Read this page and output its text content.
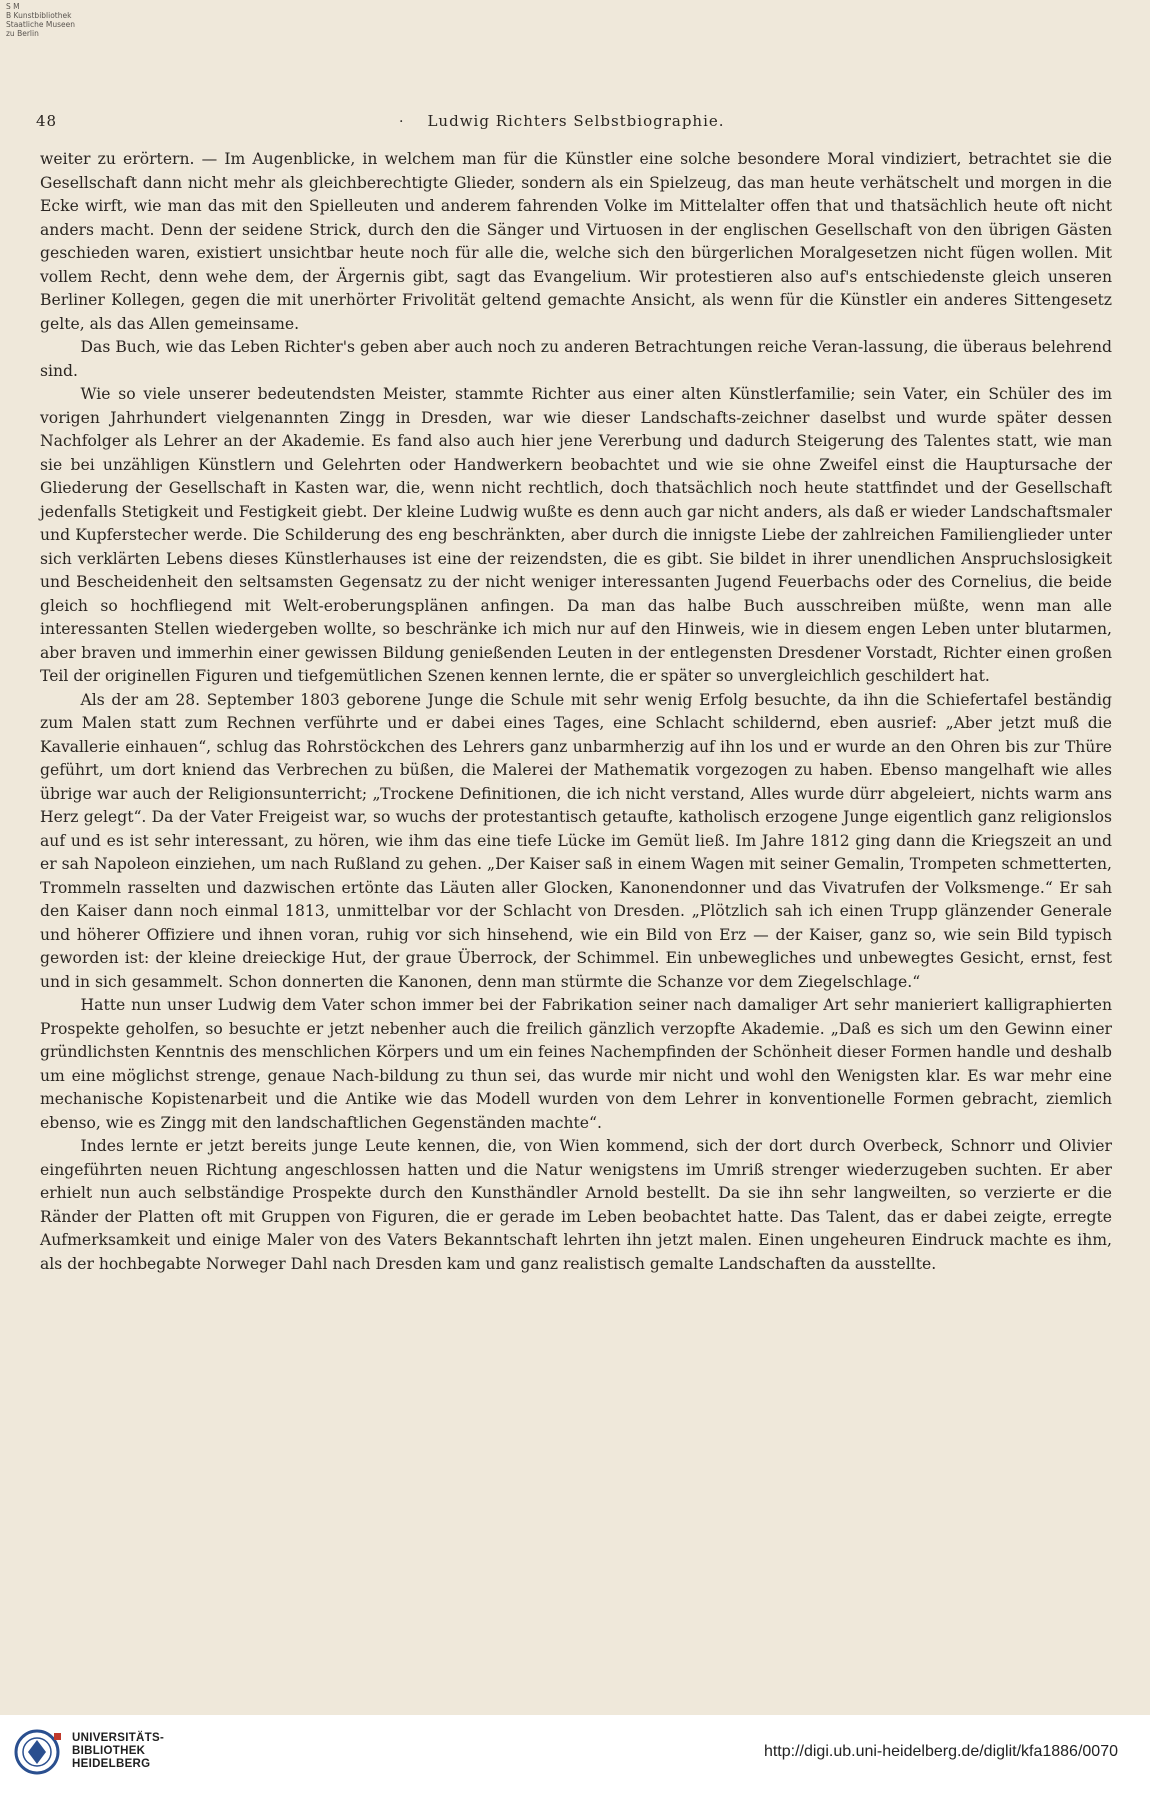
S M
B Kunstbibliothek
Staatliche Museen
zu Berlin
48	.	Ludwig Richters Selbstbiographie.

weiter zu erörtern. — Im Augenblicke, in welchem man für die Künstler eine solche besondere Moral vindiziert, betrachtet sie die Gesellschaft dann nicht mehr als gleichberechtigte Glieder, sondern als ein Spielzeug, das man heute verhätschelt und morgen in die Ecke wirft, wie man das mit den Spielleuten und anderem fahrenden Volke im Mittelalter offen that und thatsächlich heute oft nicht anders macht. Denn der seidene Strick, durch den die Sänger und Virtuosen in der englischen Gesellschaft von den übrigen Gästen geschieden waren, existiert unsichtbar heute noch für alle die, welche sich den bürgerlichen Moralgesetzen nicht fügen wollen. Mit vollem Recht, denn wehe dem, der Ärgernis gibt, sagt das Evangelium. Wir protestieren also auf's entschiedenste gleich unseren Berliner Kollegen, gegen die mit unerhörter Frivolität geltend gemachte Ansicht, als wenn für die Künstler ein anderes Sittengesetz gelte, als das Allen gemeinsame.

Das Buch, wie das Leben Richter's geben aber auch noch zu anderen Betrachtungen reiche Veran-lassung, die überaus belehrend sind.

Wie so viele unserer bedeutendsten Meister, stammte Richter aus einer alten Künstlerfamilie; sein Vater, ein Schüler des im vorigen Jahrhundert vielgenannten Zingg in Dresden, war wie dieser Landschafts-zeichner daselbst und wurde später dessen Nachfolger als Lehrer an der Akademie. Es fand also auch hier jene Vererbung und dadurch Steigerung des Talentes statt, wie man sie bei unzähligen Künstlern und Gelehrten oder Handwerkern beobachtet und wie sie ohne Zweifel einst die Hauptursache der Gliederung der Gesellschaft in Kasten war, die, wenn nicht rechtlich, doch thatsächlich noch heute stattfindet und der Gesellschaft jedenfalls Stetigkeit und Festigkeit giebt. Der kleine Ludwig wußte es denn auch gar nicht anders, als daß er wieder Landschaftsmaler und Kupferstecher werde. Die Schilderung des eng beschränkten, aber durch die innigste Liebe der zahlreichen Familienglieder unter sich verklärten Lebens dieses Künstlerhauses ist eine der reizendsten, die es gibt. Sie bildet in ihrer unendlichen Anspruchslosigkeit und Bescheidenheit den seltsamsten Gegensatz zu der nicht weniger interessanten Jugend Feuerbachs oder des Cornelius, die beide gleich so hochfliegend mit Welt-eroberungsplänen anfingen. Da man das halbe Buch ausschreiben müßte, wenn man alle interessanten Stellen wiedergeben wollte, so beschränke ich mich nur auf den Hinweis, wie in diesem engen Leben unter blutarmen, aber braven und immerhin einer gewissen Bildung genießenden Leuten in der entlegensten Dresdener Vorstadt, Richter einen großen Teil der originellen Figuren und tiefgemütlichen Szenen kennen lernte, die er später so unvergleichlich geschildert hat.

Als der am 28. September 1803 geborene Junge die Schule mit sehr wenig Erfolg besuchte, da ihn die Schiefertafel beständig zum Malen statt zum Rechnen verführte und er dabei eines Tages, eine Schlacht schildernd, eben ausrief: „Aber jetzt muß die Kavallerie einhauen“, schlug das Rohrstöckchen des Lehrers ganz unbarmherzig auf ihn los und er wurde an den Ohren bis zur Thüre geführt, um dort kniend das Verbrechen zu büßen, die Malerei der Mathematik vorgezogen zu haben. Ebenso mangelhaft wie alles übrige war auch der Religionsunterricht; „Trockene Definitionen, die ich nicht verstand, Alles wurde dürr abgeleiert, nichts warm ans Herz gelegt“. Da der Vater Freigeist war, so wuchs der protestantisch getaufte, katholisch erzogene Junge eigentlich ganz religionslos auf und es ist sehr interessant, zu hören, wie ihm das eine tiefe Lücke im Gemüt ließ. Im Jahre 1812 ging dann die Kriegszeit an und er sah Napoleon einziehen, um nach Rußland zu gehen. „Der Kaiser saß in einem Wagen mit seiner Gemalin, Trompeten schmetterten, Trommeln rasselten und dazwischen ertönte das Läuten aller Glocken, Kanonendonner und das Vivatrufen der Volksmenge.“ Er sah den Kaiser dann noch einmal 1813, unmittelbar vor der Schlacht von Dresden. „Plötzlich sah ich einen Trupp glänzender Generale und höherer Offiziere und ihnen voran, ruhig vor sich hinsehend, wie ein Bild von Erz — der Kaiser, ganz so, wie sein Bild typisch geworden ist: der kleine dreieckige Hut, der graue Überrock, der Schimmel. Ein unbewegliches und unbewegtes Gesicht, ernst, fest und in sich gesammelt. Schon donnerten die Kanonen, denn man stürmte die Schanze vor dem Ziegelschlage.“

Hatte nun unser Ludwig dem Vater schon immer bei der Fabrikation seiner nach damaliger Art sehr manieriert kalligraphierten Prospekte geholfen, so besuchte er jetzt nebenher auch die freilich gänzlich verzopfte Akademie. „Daß es sich um den Gewinn einer gründlichsten Kenntnis des menschlichen Körpers und um ein feines Nachempfinden der Schönheit dieser Formen handle und deshalb um eine möglichst strenge, genaue Nach-bildung zu thun sei, das wurde mir nicht und wohl den Wenigsten klar. Es war mehr eine mechanische Kopistenarbeit und die Antike wie das Modell wurden von dem Lehrer in konventionelle Formen gebracht, ziemlich ebenso, wie es Zingg mit den landschaftlichen Gegenständen machte“.

Indes lernte er jetzt bereits junge Leute kennen, die, von Wien kommend, sich der dort durch Overbeck, Schnorr und Olivier eingeführten neuen Richtung angeschlossen hatten und die Natur wenigstens im Umriß strenger wiederzugeben suchten. Er aber erhielt nun auch selbständige Prospekte durch den Kunsthändler Arnold bestellt. Da sie ihn sehr langweilten, so verzierte er die Ränder der Platten oft mit Gruppen von Figuren, die er gerade im Leben beobachtet hatte. Das Talent, das er dabei zeigte, erregte Aufmerksamkeit und einige Maler von des Vaters Bekanntschaft lehrten ihn jetzt malen. Einen ungeheuren Eindruck machte es ihm, als der hochbegabte Norweger Dahl nach Dresden kam und ganz realistisch gemalte Landschaften da ausstellte.

UNIVERSITÄTS-
BIBLIOTHEK
HEIDELBERG
http://digi.ub.uni-heidelberg.de/diglit/kfa1886/0070
